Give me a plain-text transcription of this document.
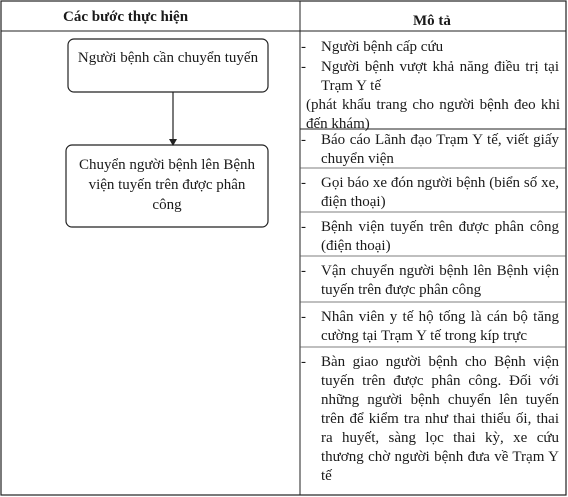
Các bước thực hiện	Mô tả
Người bệnh cần chuyển tuyến
Chuyển người bệnh lên Bệnh
viện tuyến trên được phân
công
-	Người bệnh cấp cứu
-	Người bệnh vượt khả năng điều trị tại Trạm Y tế
(phát khẩu trang cho người bệnh đeo khi đến khám)
-	Báo cáo Lãnh đạo Trạm Y tế, viết giấy chuyển viện
-	Gọi báo xe đón người bệnh (biển số xe, điện thoại)
-	Bệnh viện tuyến trên được phân công (điện thoại)
-	Vận chuyển người bệnh lên Bệnh viện tuyến trên được phân công
-	Nhân viên y tế hộ tống là cán bộ tăng cường tại Trạm Y tế trong kíp trực
-	Bàn giao người bệnh cho Bệnh viện tuyến trên được phân công. Đối với những người bệnh chuyển lên tuyến trên để kiểm tra như thai thiểu ối, thai ra huyết, sàng lọc thai kỳ, xe cứu thương chờ người bệnh đưa về Trạm Y tế
